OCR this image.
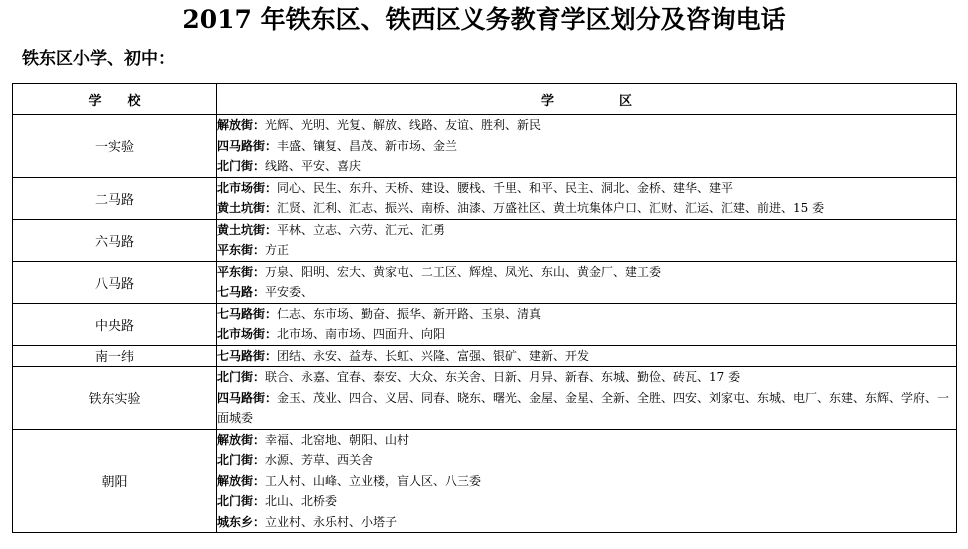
2017 年铁东区、铁西区义务教育学区划分及咨询电话
铁东区小学、初中：
学　　校	学　　　　　区
一实验	解放街：光辉、光明、光复、解放、线路、友谊、胜利、新民
四马路街：丰盛、镶复、昌茂、新市场、金兰
北门街：线路、平安、喜庆

二马路	北市场街：同心、民生、东升、天桥、建设、腰栈、千里、和平、民主、洞北、金桥、建华、建平
黄土坑街：汇贤、汇利、汇志、振兴、南桥、油漆、万盛社区、黄土坑集体户口、汇财、汇运、汇建、前进、15 委

六马路	黄土坑街：平林、立志、六劳、汇元、汇勇
平东街：方正

八马路	平东街：万泉、阳明、宏大、黄家屯、二工区、辉煌、凤光、东山、黄金厂、建工委
七马路：平安委、

中央路	七马路街：仁志、东市场、勤奋、振华、新开路、玉泉、清真
北市场街：北市场、南市场、四面升、向阳

南一纬	七马路街：团结、永安、益寿、长虹、兴隆、富强、银矿、建新、开发

铁东实验	北门街：联合、永嘉、宜春、泰安、大众、东关舍、日新、月异、新春、东城、勤俭、砖瓦、17 委
四马路街：金玉、茂业、四合、义居、同春、晓东、曙光、金屋、金星、全新、全胜、四安、刘家屯、东城、电厂、东建、东辉、学府、一面城委

朝阳	解放街：幸福、北窑地、朝阳、山村
北门街：水源、芳草、西关舍
解放街：工人村、山峰、立业楼，盲人区、八三委
北门街：北山、北桥委
城东乡：立业村、永乐村、小塔子
